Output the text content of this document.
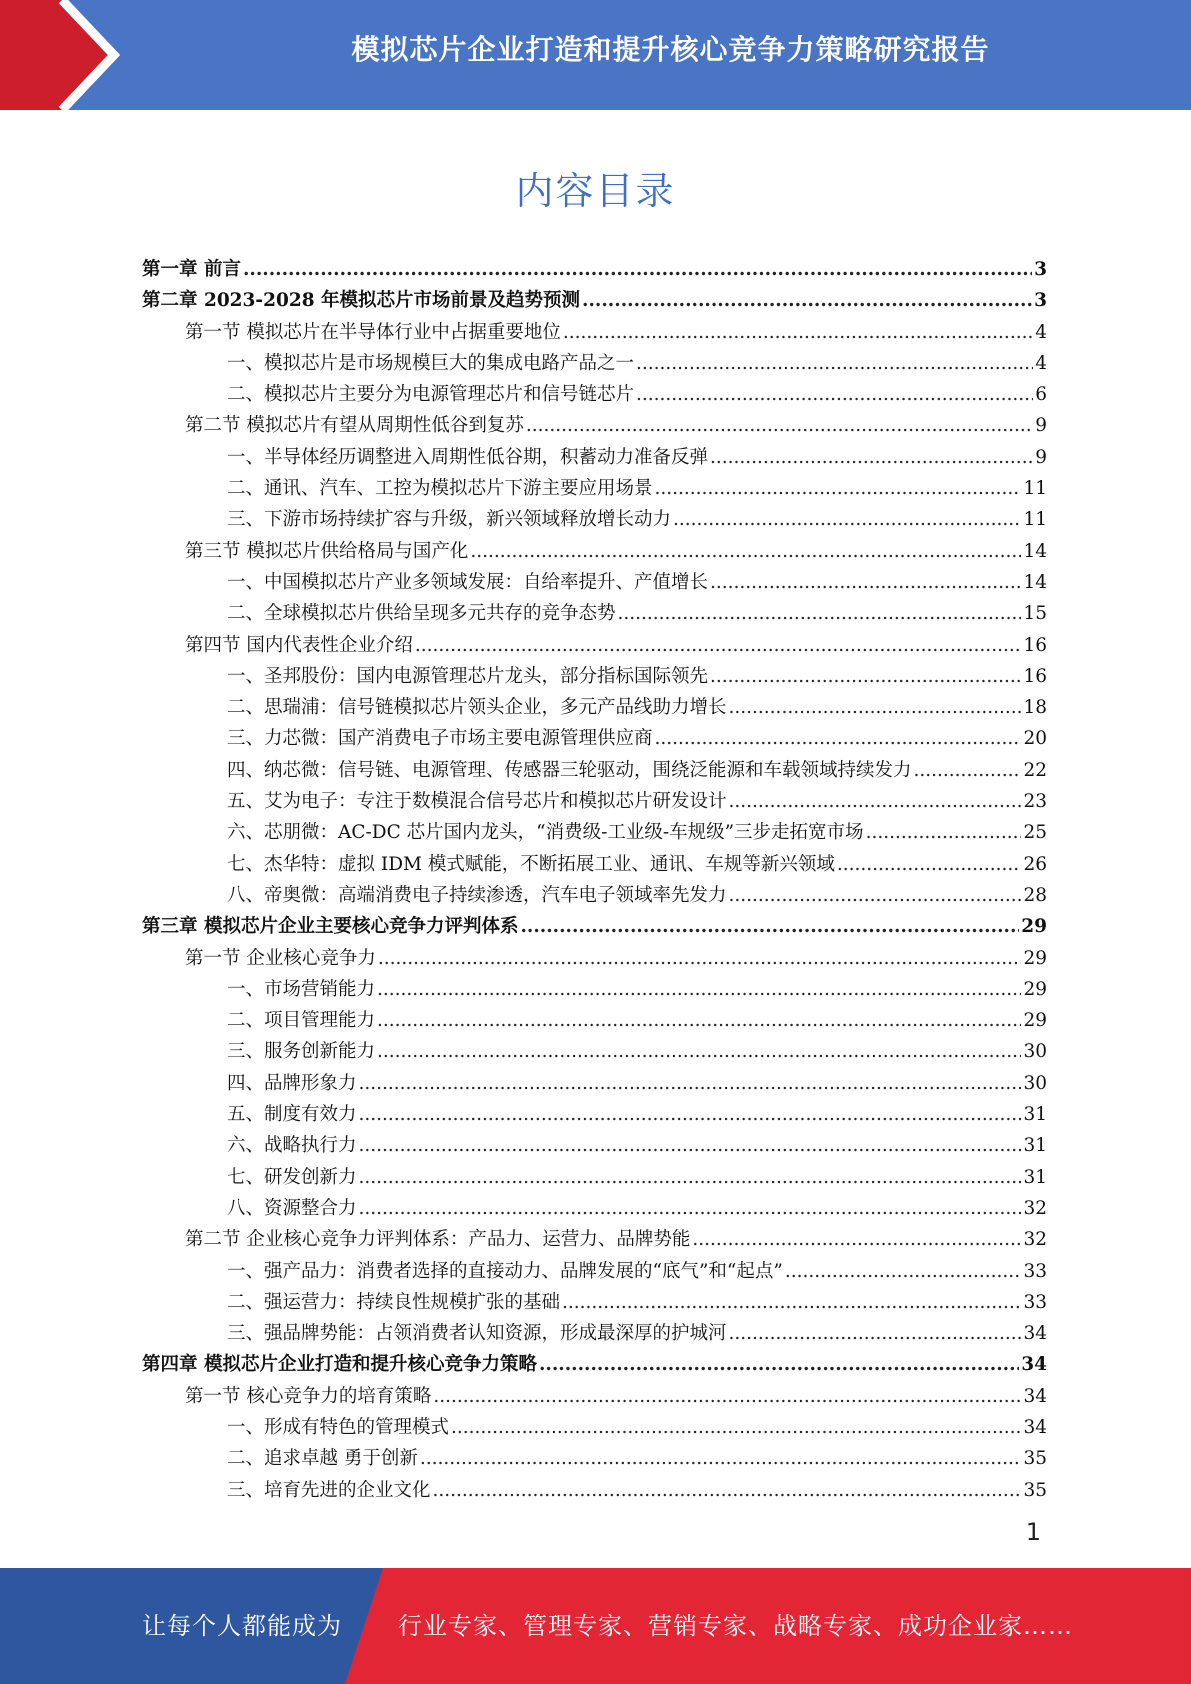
模拟芯片企业打造和提升核心竞争力策略研究报告
内容目录
第一章 前言 .....	3
第二章 2023-2028 年模拟芯片市场前景及趋势预测 .....	3
第一节 模拟芯片在半导体行业中占据重要地位 .....	4
一、模拟芯片是市场规模巨大的集成电路产品之一 .....	4
二、模拟芯片主要分为电源管理芯片和信号链芯片 .....	6
第二节 模拟芯片有望从周期性低谷到复苏 .....	9
一、半导体经历调整进入周期性低谷期，积蓄动力准备反弹 .....	9
二、通讯、汽车、工控为模拟芯片下游主要应用场景 .....	11
三、下游市场持续扩容与升级，新兴领域释放增长动力 .....	11
第三节 模拟芯片供给格局与国产化 .....	14
一、中国模拟芯片产业多领域发展：自给率提升、产值增长 .....	14
二、全球模拟芯片供给呈现多元共存的竞争态势 .....	15
第四节 国内代表性企业介绍 .....	16
一、圣邦股份：国内电源管理芯片龙头，部分指标国际领先 .....	16
二、思瑞浦：信号链模拟芯片领头企业，多元产品线助力增长 .....	18
三、力芯微：国产消费电子市场主要电源管理供应商 .....	20
四、纳芯微：信号链、电源管理、传感器三轮驱动，围绕泛能源和车载领域持续发力 .....	22
五、艾为电子：专注于数模混合信号芯片和模拟芯片研发设计 .....	23
六、芯朋微：AC-DC 芯片国内龙头，“消费级-工业级-车规级”三步走拓宽市场 .....	25
七、杰华特：虚拟 IDM 模式赋能，不断拓展工业、通讯、车规等新兴领域 .....	26
八、帝奥微：高端消费电子持续渗透，汽车电子领域率先发力 .....	28
第三章 模拟芯片企业主要核心竞争力评判体系 .....	29
第一节 企业核心竞争力 .....	29
一、市场营销能力 .....	29
二、项目管理能力 .....	29
三、服务创新能力 .....	30
四、品牌形象力 .....	30
五、制度有效力 .....	31
六、战略执行力 .....	31
七、研发创新力 .....	31
八、资源整合力 .....	32
第二节 企业核心竞争力评判体系：产品力、运营力、品牌势能 .....	32
一、强产品力：消费者选择的直接动力、品牌发展的“底气”和“起点” .....	33
二、强运营力：持续良性规模扩张的基础 .....	33
三、强品牌势能：占领消费者认知资源，形成最深厚的护城河 .....	34
第四章 模拟芯片企业打造和提升核心竞争力策略 .....	34
第一节 核心竞争力的培育策略 .....	34
一、形成有特色的管理模式 .....	34
二、追求卓越 勇于创新 .....	35
三、培育先进的企业文化 .....	35
1
让每个人都能成为 行业专家、管理专家、营销专家、战略专家、成功企业家……
